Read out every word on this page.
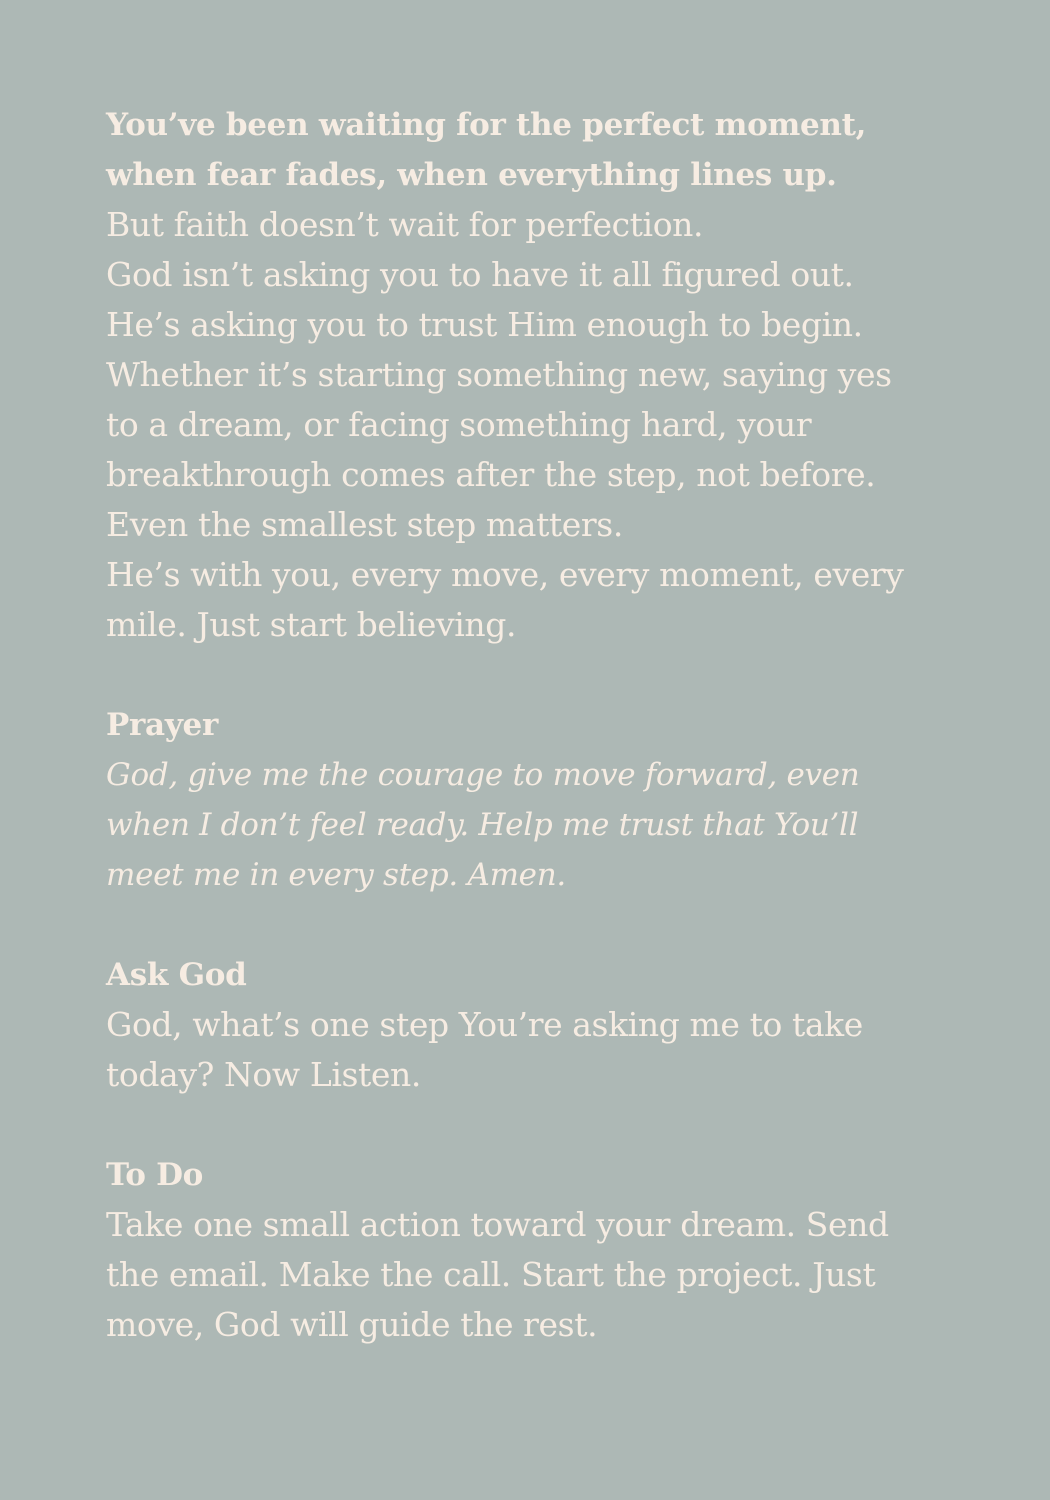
You’ve been waiting for the perfect moment,
when fear fades, when everything lines up.
But faith doesn’t wait for perfection.
God isn’t asking you to have it all figured out.
He’s asking you to trust Him enough to begin.
Whether it’s starting something new, saying yes
to a dream, or facing something hard, your
breakthrough comes after the step, not before.
Even the smallest step matters.
He’s with you, every move, every moment, every
mile. Just start believing.
Prayer
God, give me the courage to move forward, even
when I don’t feel ready. Help me trust that You’ll
meet me in every step. Amen.
Ask God
God, what’s one step You’re asking me to take
today? Now Listen.
To Do
Take one small action toward your dream. Send
the email. Make the call. Start the project. Just
move, God will guide the rest.
